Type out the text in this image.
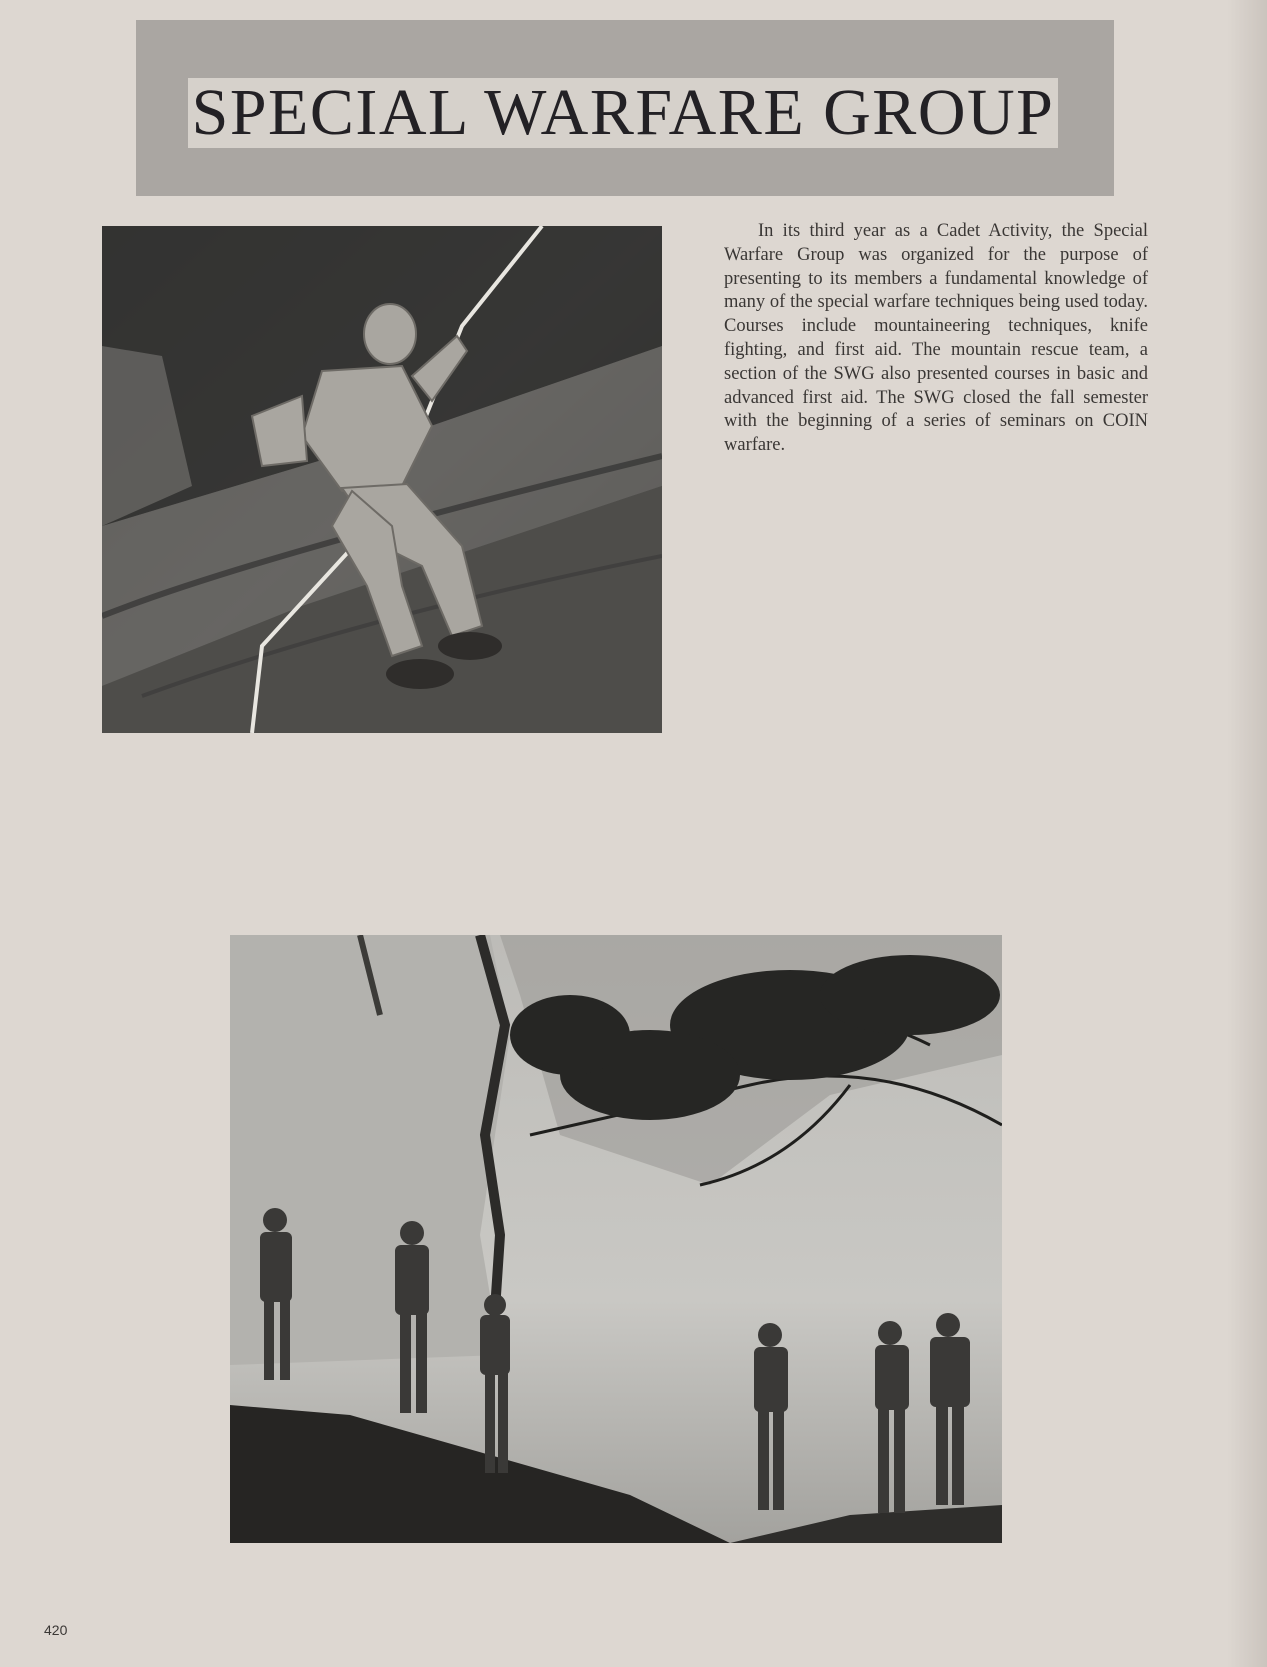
SPECIAL WARFARE GROUP
In its third year as a Cadet Activity, the Special Warfare Group was organized for the purpose of presenting to its members a fundamental knowledge of many of the special warfare techniques being used today. Courses include mountaineering techniques, knife fighting, and first aid. The mountain rescue team, a section of the SWG also presented courses in basic and advanced first aid. The SWG closed the fall semester with the beginning of a series of seminars on COIN warfare.
420
